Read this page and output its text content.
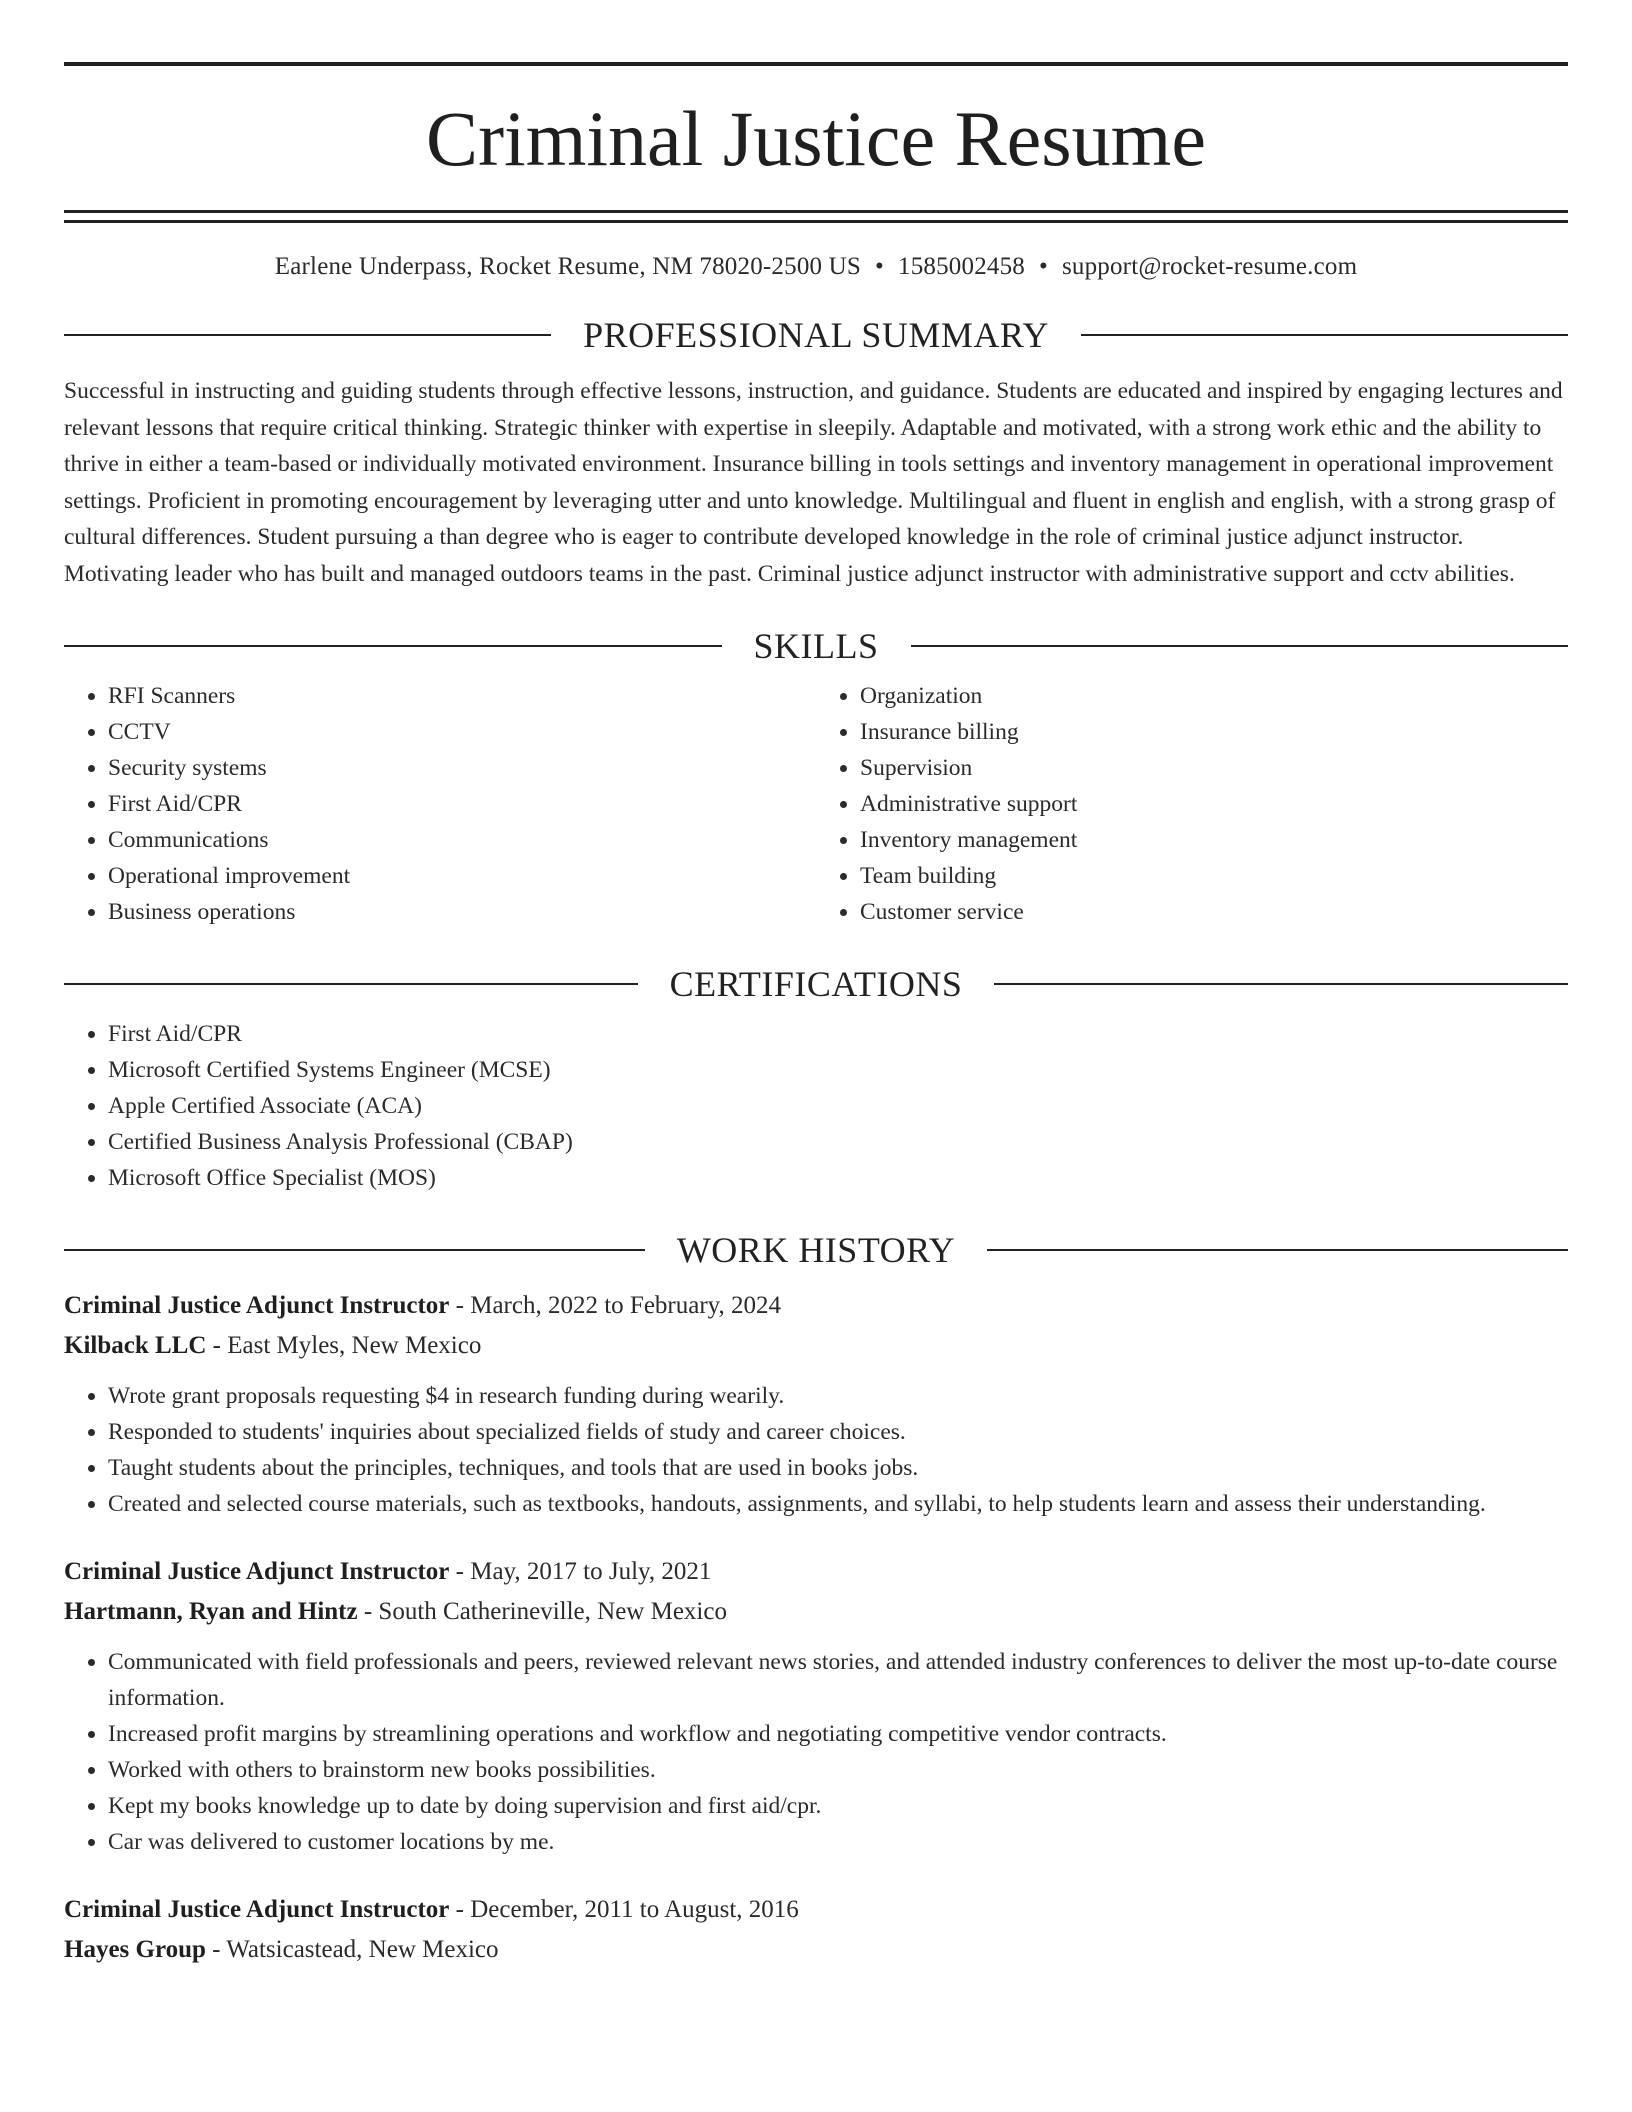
Criminal Justice Resume
Earlene Underpass, Rocket Resume, NM 78020-2500 US • 1585002458 • support@rocket-resume.com
PROFESSIONAL SUMMARY
Successful in instructing and guiding students through effective lessons, instruction, and guidance. Students are educated and inspired by engaging lectures and relevant lessons that require critical thinking. Strategic thinker with expertise in sleepily. Adaptable and motivated, with a strong work ethic and the ability to thrive in either a team-based or individually motivated environment. Insurance billing in tools settings and inventory management in operational improvement settings. Proficient in promoting encouragement by leveraging utter and unto knowledge. Multilingual and fluent in english and english, with a strong grasp of cultural differences. Student pursuing a than degree who is eager to contribute developed knowledge in the role of criminal justice adjunct instructor. Motivating leader who has built and managed outdoors teams in the past. Criminal justice adjunct instructor with administrative support and cctv abilities.
SKILLS
• RFI Scanners
• CCTV
• Security systems
• First Aid/CPR
• Communications
• Operational improvement
• Business operations
• Organization
• Insurance billing
• Supervision
• Administrative support
• Inventory management
• Team building
• Customer service
CERTIFICATIONS
• First Aid/CPR
• Microsoft Certified Systems Engineer (MCSE)
• Apple Certified Associate (ACA)
• Certified Business Analysis Professional (CBAP)
• Microsoft Office Specialist (MOS)
WORK HISTORY
Criminal Justice Adjunct Instructor - March, 2022 to February, 2024
Kilback LLC - East Myles, New Mexico
• Wrote grant proposals requesting $4 in research funding during wearily.
• Responded to students' inquiries about specialized fields of study and career choices.
• Taught students about the principles, techniques, and tools that are used in books jobs.
• Created and selected course materials, such as textbooks, handouts, assignments, and syllabi, to help students learn and assess their understanding.
Criminal Justice Adjunct Instructor - May, 2017 to July, 2021
Hartmann, Ryan and Hintz - South Catherineville, New Mexico
• Communicated with field professionals and peers, reviewed relevant news stories, and attended industry conferences to deliver the most up-to-date course information.
• Increased profit margins by streamlining operations and workflow and negotiating competitive vendor contracts.
• Worked with others to brainstorm new books possibilities.
• Kept my books knowledge up to date by doing supervision and first aid/cpr.
• Car was delivered to customer locations by me.
Criminal Justice Adjunct Instructor - December, 2011 to August, 2016
Hayes Group - Watsicastead, New Mexico
